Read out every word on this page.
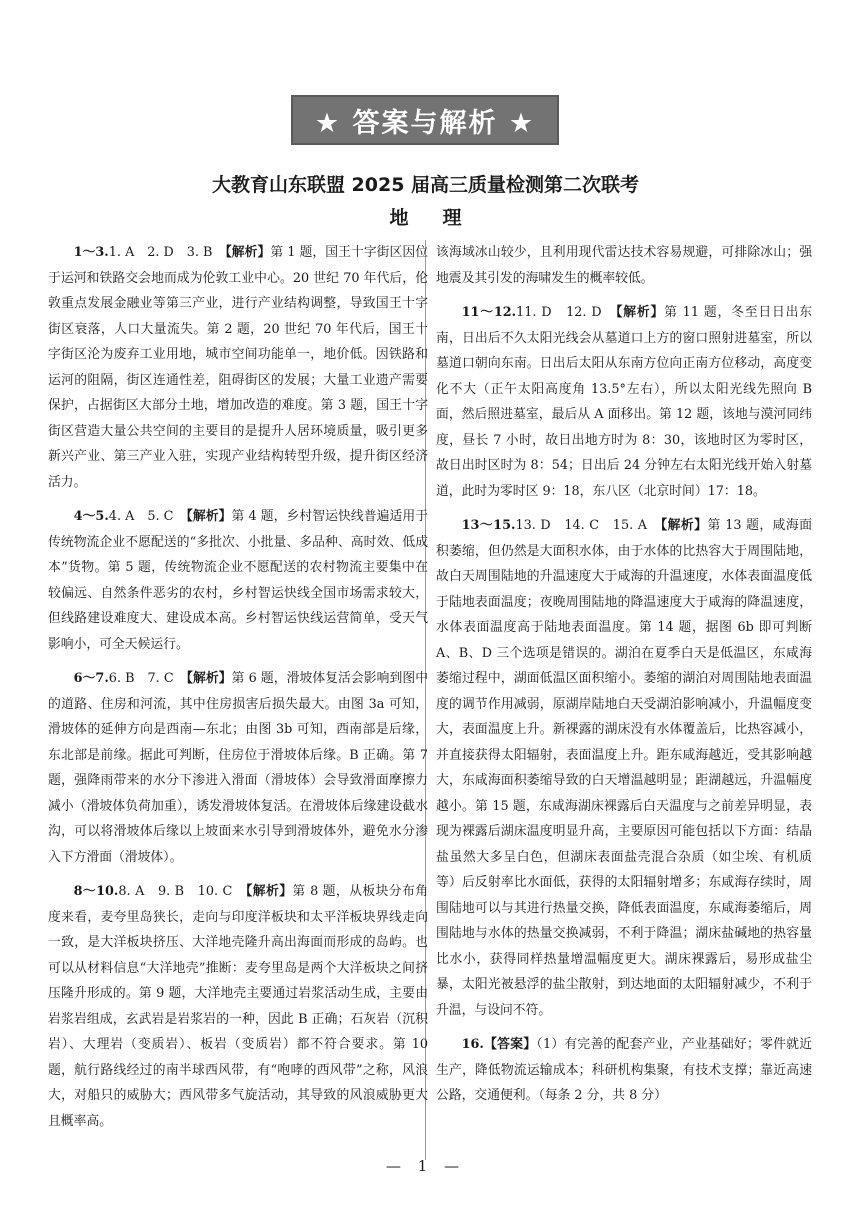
★ 答案与解析 ★
大教育山东联盟 2025 届高三质量检测第二次联考
地理

1～3.1. A　2. D　3. B　 【解析】第 1 题，国王十字街区因位于运河和铁路交会地而成为伦敦工业中心。20 世纪 70 年代后，伦敦重点发展金融业等第三产业，进行产业结构调整，导致国王十字街区衰落，人口大量流失。第 2 题，20 世纪 70 年代后，国王十字街区沦为废弃工业用地，城市空间功能单一，地价低。因铁路和运河的阻隔，街区连通性差，阻碍街区的发展；大量工业遗产需要保护，占据街区大部分土地，增加改造的难度。第 3 题，国王十字街区营造大量公共空间的主要目的是提升人居环境质量，吸引更多新兴产业、第三产业入驻，实现产业结构转型升级，提升街区经济活力。

4～5.4. A　5. C　 【解析】第 4 题，乡村智运快线普遍适用于传统物流企业不愿配送的“多批次、小批量、多品种、高时效、低成本”货物。第 5 题，传统物流企业不愿配送的农村物流主要集中在较偏远、自然条件恶劣的农村，乡村智运快线全国市场需求较大，但线路建设难度大、建设成本高。乡村智运快线运营简单，受天气影响小，可全天候运行。

6～7.6. B　7. C　 【解析】第 6 题，滑坡体复活会影响到图中的道路、住房和河流，其中住房损害后损失最大。由图 3a 可知，滑坡体的延伸方向是西南—东北；由图 3b 可知，西南部是后缘，东北部是前缘。据此可判断，住房位于滑坡体后缘。B 正确。第 7 题，强降雨带来的水分下渗进入滑面（滑坡体）会导致滑面摩擦力减小（滑坡体负荷加重），诱发滑坡体复活。在滑坡体后缘建设截水沟，可以将滑坡体后缘以上坡面来水引导到滑坡体外，避免水分渗入下方滑面（滑坡体）。

8～10.8. A　9. B　10. C　 【解析】第 8 题，从板块分布角度来看，麦夸里岛狭长，走向与印度洋板块和太平洋板块界线走向一致，是大洋板块挤压、大洋地壳隆升高出海面而形成的岛屿。也可以从材料信息“大洋地壳”推断：麦夸里岛是两个大洋板块之间挤压隆升形成的。第 9 题，大洋地壳主要通过岩浆活动生成，主要由岩浆岩组成，玄武岩是岩浆岩的一种，因此 B 正确；石灰岩（沉积岩）、大理岩（变质岩）、板岩（变质岩）都不符合要求。第 10 题，航行路线经过的南半球西风带，有“咆哮的西风带”之称，风浪大，对船只的威胁大；西风带多气旋活动，其导致的风浪威胁更大且概率高。

该海域冰山较少，且利用现代雷达技术容易规避，可排除冰山；强地震及其引发的海啸发生的概率较低。

11～12.11. D　12. D　 【解析】第 11 题，冬至日日出东南，日出后不久太阳光线会从墓道口上方的窗口照射进墓室，所以墓道口朝向东南。日出后太阳从东南方位向正南方位移动，高度变化不大（正午太阳高度角 13.5°左右），所以太阳光线先照向 B 面，然后照进墓室，最后从 A 面移出。第 12 题，该地与漠河同纬度，昼长 7 小时，故日出地方时为 8：30，该地时区为零时区，故日出时区时为 8：54；日出后 24 分钟左右太阳光线开始入射墓道，此时为零时区 9：18，东八区（北京时间）17：18。

13～15.13. D　14. C　15. A　 【解析】第 13 题，咸海面积萎缩，但仍然是大面积水体，由于水体的比热容大于周围陆地，故白天周围陆地的升温速度大于咸海的升温速度，水体表面温度低于陆地表面温度；夜晚周围陆地的降温速度大于咸海的降温速度，水体表面温度高于陆地表面温度。第 14 题，据图 6b 即可判断 A、B、D 三个选项是错误的。湖泊在夏季白天是低温区，东咸海萎缩过程中，湖面低温区面积缩小。萎缩的湖泊对周围陆地表面温度的调节作用减弱，原湖岸陆地白天受湖泊影响减小，升温幅度变大，表面温度上升。新裸露的湖床没有水体覆盖后，比热容减小，并直接获得太阳辐射，表面温度上升。距东咸海越近，受其影响越大，东咸海面积萎缩导致的白天增温越明显；距湖越远，升温幅度越小。第 15 题，东咸海湖床裸露后白天温度与之前差异明显，表现为裸露后湖床温度明显升高，主要原因可能包括以下方面：结晶盐虽然大多呈白色，但湖床表面盐壳混合杂质（如尘埃、有机质等）后反射率比水面低，获得的太阳辐射增多；东咸海存续时，周围陆地可以与其进行热量交换，降低表面温度，东咸海萎缩后，周围陆地与水体的热量交换减弱，不利于降温；湖床盐碱地的热容量比水小，获得同样热量增温幅度更大。湖床裸露后，易形成盐尘暴，太阳光被悬浮的盐尘散射，到达地面的太阳辐射减少，不利于升温，与设问不符。

16.【答案】（1）有完善的配套产业，产业基础好；零件就近生产，降低物流运输成本；科研机构集聚，有技术支撑；靠近高速公路，交通便利。（每条 2 分，共 8 分）

— 1 —
